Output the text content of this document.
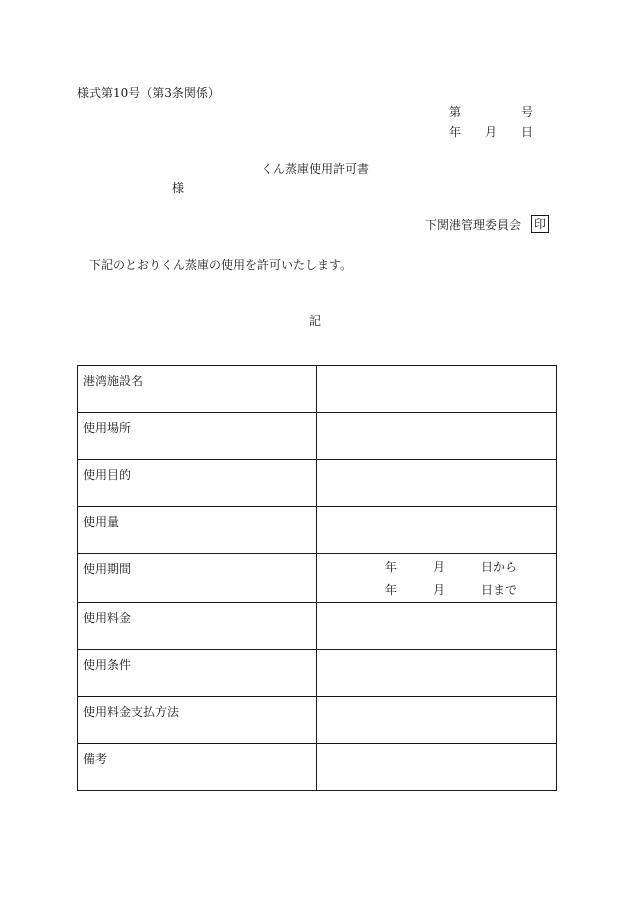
様式第10号（第3条関係）
第	号
年 月 日
くん蒸庫使用許可書
様
下関港管理委員会 印
下記のとおりくん蒸庫の使用を許可いたします。
記
港湾施設名	
使用場所	
使用目的	
使用量	
使用期間	年 月 日から
年 月 日まで

使用料金	
使用条件	
使用料金支払方法	
備考	
